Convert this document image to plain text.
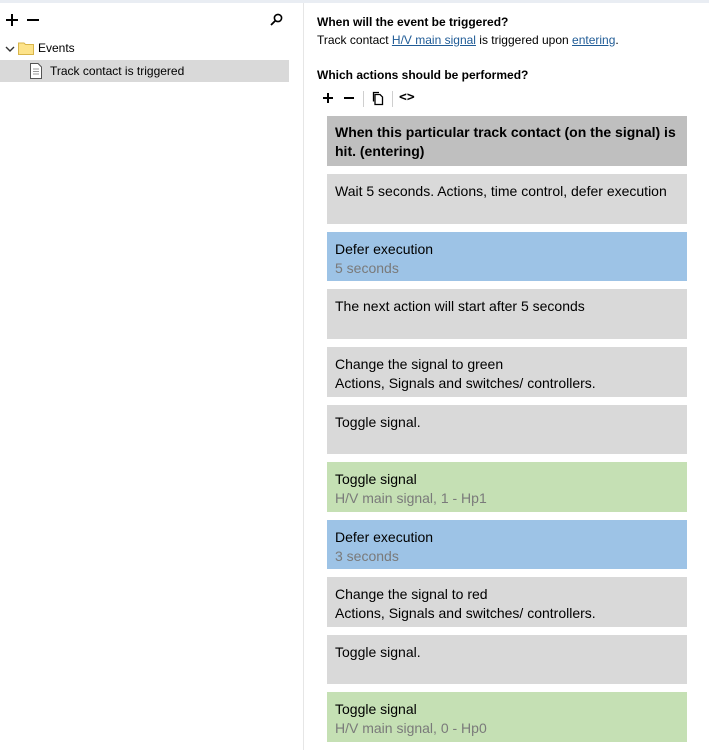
Events
Track contact is triggered
When will the event be triggered?
Track contact H/V main signal is triggered upon entering.
Which actions should be performed?
<>
When this particular track contact (on the signal) is
hit. (entering)
Wait 5 seconds. Actions, time control, defer execution
Defer execution
5 seconds
The next action will start after 5 seconds
Change the signal to green
Actions, Signals and switches/ controllers.
Toggle signal.
Toggle signal
H/V main signal, 1 - Hp1
Defer execution
3 seconds
Change the signal to red
Actions, Signals and switches/ controllers.
Toggle signal.
Toggle signal
H/V main signal, 0 - Hp0
